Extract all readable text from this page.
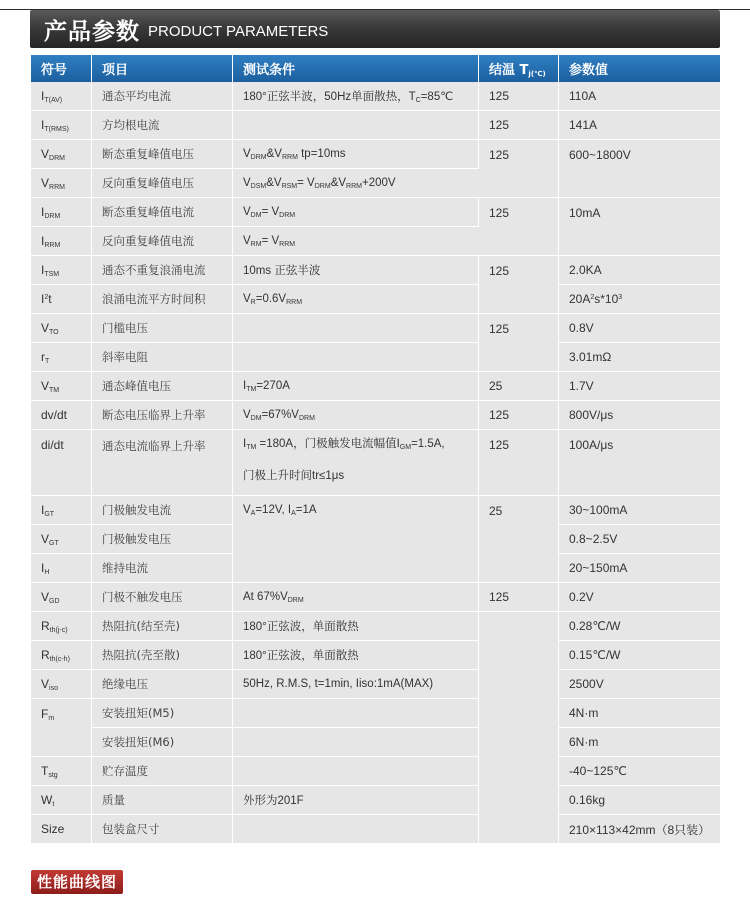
产品参数 PRODUCT PARAMETERS
符号	项目	测试条件	结温 $T_{j(℃)}$	参数值
$I_{T(AV)}$	通态平均电流	180°正弦半波，50Hz单面散热，$T_C=85℃$	125	110A
$I_{T(RMS)}$	方均根电流		125	141A
$V_{DRM}$	断态重复峰值电压	$V_{DRM}\&V_{RRM}$ tp=10ms	125	600~1800V
$V_{RRM}$	反向重复峰值电压	$V_{DSM}\&V_{RSM}=$ $V_{DRM}\&V_{RRM}+200V$		
$I_{DRM}$	断态重复峰值电流	$V_{DM}= V_{DRM}$	125	10mA
$I_{RRM}$	反向重复峰值电流	$V_{RM}= V_{RRM}$
$I_{TSM}$	通态不重复浪涌电流	10ms 正弦半波	125	2.0KA
$I^2t$	浪涌电流平方时间积	$V_R=0.6V_{RRM}$		$20A^2s*10^3$
$V_{TO}$	门槛电压		125	0.8V
$r_T$	斜率电阻			3.01mΩ
$V_{TM}$	通态峰值电压	$I_{TM}=270A$	25	1.7V
dv/dt	断态电压临界上升率	$V_{DM}=67\%V_{DRM}$	125	800V/μs
di/dt	通态电流临界上升率	$I_{TM} =180A$，门极触发电流幅值$I_{GM}=1.5A$,
门极上升时间tr≤1μs	125	100A/μs
$I_{GT}$	门极触发电流	$V_A=12V$, $I_A=1A$	25	30~100mA
$V_{GT}$	门极触发电压			0.8~2.5V
$I_H$	维持电流			20~150mA
$V_{GD}$	门极不触发电压	At $67\%V_{DRM}$	125	0.2V
$R_{th(j-c)}$	热阻抗(结至壳)	180°正弦波，单面散热		0.28℃/W
$R_{th(c-h)}$	热阻抗(壳至散)	180°正弦波，单面散热		0.15℃/W
$V_{iso}$	绝缘电压	50Hz, R.M.S, t=1min, Iiso:1mA(MAX)		2500V
$F_m$	安装扭矩(M5)			4N·m
	安装扭矩(M6)			6N·m
$T_{stg}$	贮存温度			-40~125℃
$W_t$	质量	外形为201F		0.16kg
Size	包装盒尺寸			210×113×42mm（8只装）
性能曲线图
